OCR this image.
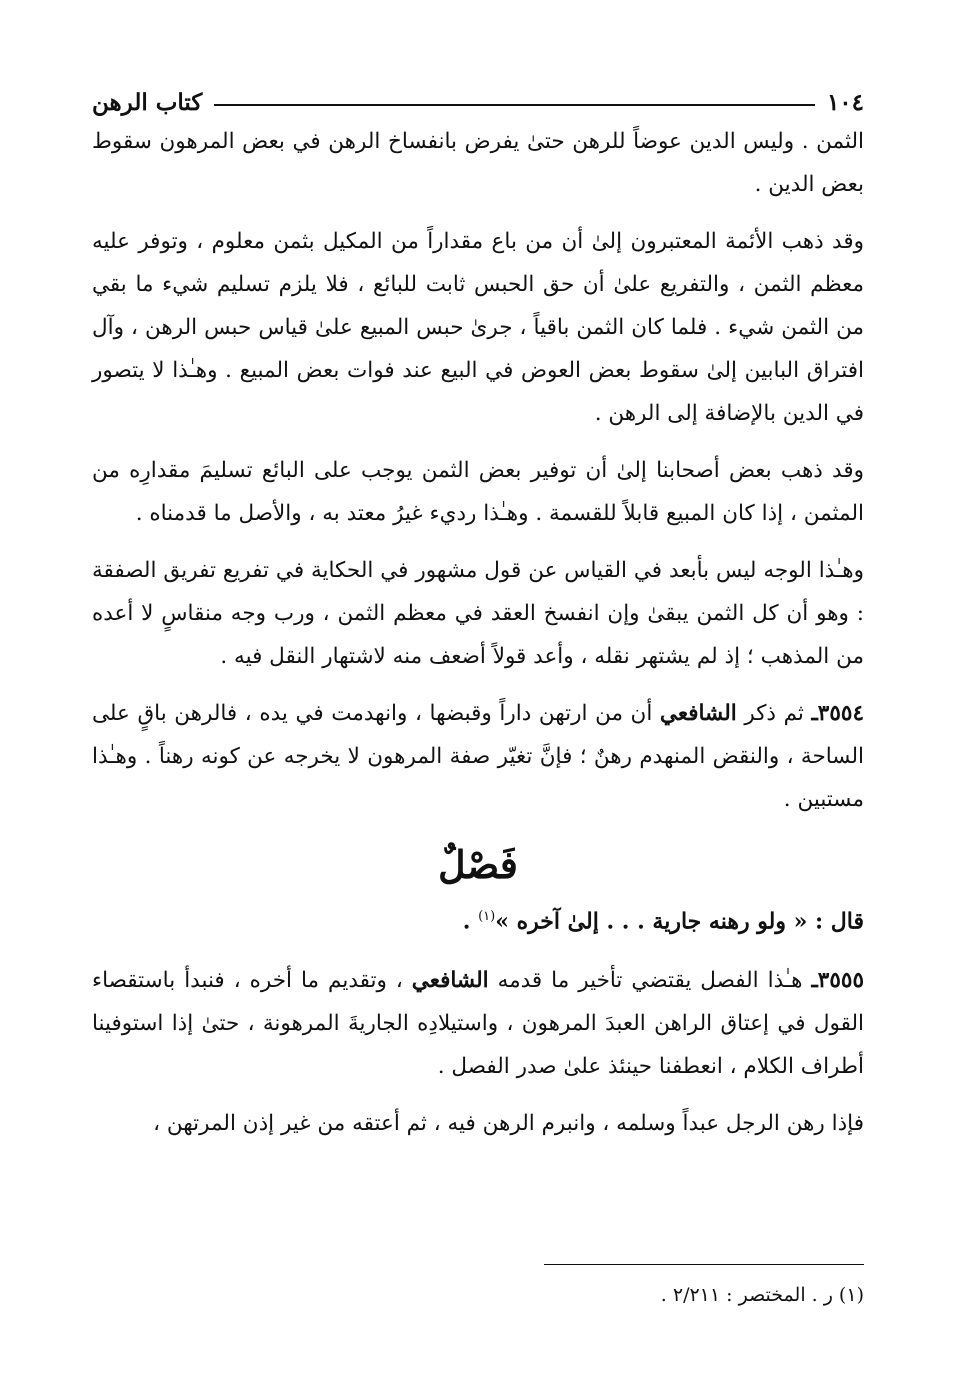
١٠٤
كتاب الرهن

الثمن . وليس الدين عوضاً للرهن حتىٰ يفرض بانفساخ الرهن في بعض المرهون سقوط بعض الدين .

وقد ذهب الأئمة المعتبرون إلىٰ أن من باع مقداراً من المكيل بثمن معلوم ، وتوفر عليه معظم الثمن ، والتفريع علىٰ أن حق الحبس ثابت للبائع ، فلا يلزم تسليم شيء ما بقي من الثمن شيء . فلما كان الثمن باقياً ، جرىٰ حبس المبيع علىٰ قياس حبس الرهن ، وآل افتراق البابين إلىٰ سقوط بعض العوض في البيع عند فوات بعض المبيع . وهـٰذا لا يتصور في الدين بالإضافة إلى الرهن .

وقد ذهب بعض أصحابنا إلىٰ أن توفير بعض الثمن يوجب على البائع تسليمَ مقدارِه من المثمن ، إذا كان المبيع قابلاً للقسمة . وهـٰذا رديء غيرُ معتد به ، والأصل ما قدمناه .

وهـٰذا الوجه ليس بأبعد في القياس عن قول مشهور في الحكاية في تفريع تفريق الصفقة : وهو أن كل الثمن يبقىٰ وإن انفسخ العقد في معظم الثمن ، ورب وجه منقاسٍ لا أعده من المذهب ؛ إذ لم يشتهر نقله ، وأعد قولاً أضعف منه لاشتهار النقل فيه .

٣٥٥٤ـ ثم ذكر الشافعي أن من ارتهن داراً وقبضها ، وانهدمت في يده ، فالرهن باقٍ على الساحة ، والنقض المنهدم رهنٌ ؛ فإنَّ تغيّر صفة المرهون لا يخرجه عن كونه رهناً . وهـٰذا مستبين .

فَصْلٌ
قال : « ولو رهنه جارية . . . إلىٰ آخره »$^{(١)}$ .

٣٥٥٥ـ هـٰذا الفصل يقتضي تأخير ما قدمه الشافعي ، وتقديم ما أخره ، فنبدأ باستقصاء القول في إعتاق الراهن العبدَ المرهون ، واستيلادِه الجاريةَ المرهونة ، حتىٰ إذا استوفينا أطراف الكلام ، انعطفنا حينئذ علىٰ صدر الفصل .

فإذا رهن الرجل عبداً وسلمه ، وانبرم الرهن فيه ، ثم أعتقه من غير إذن المرتهن ،

(١) ر . المختصر : ٢/٢١١ .
